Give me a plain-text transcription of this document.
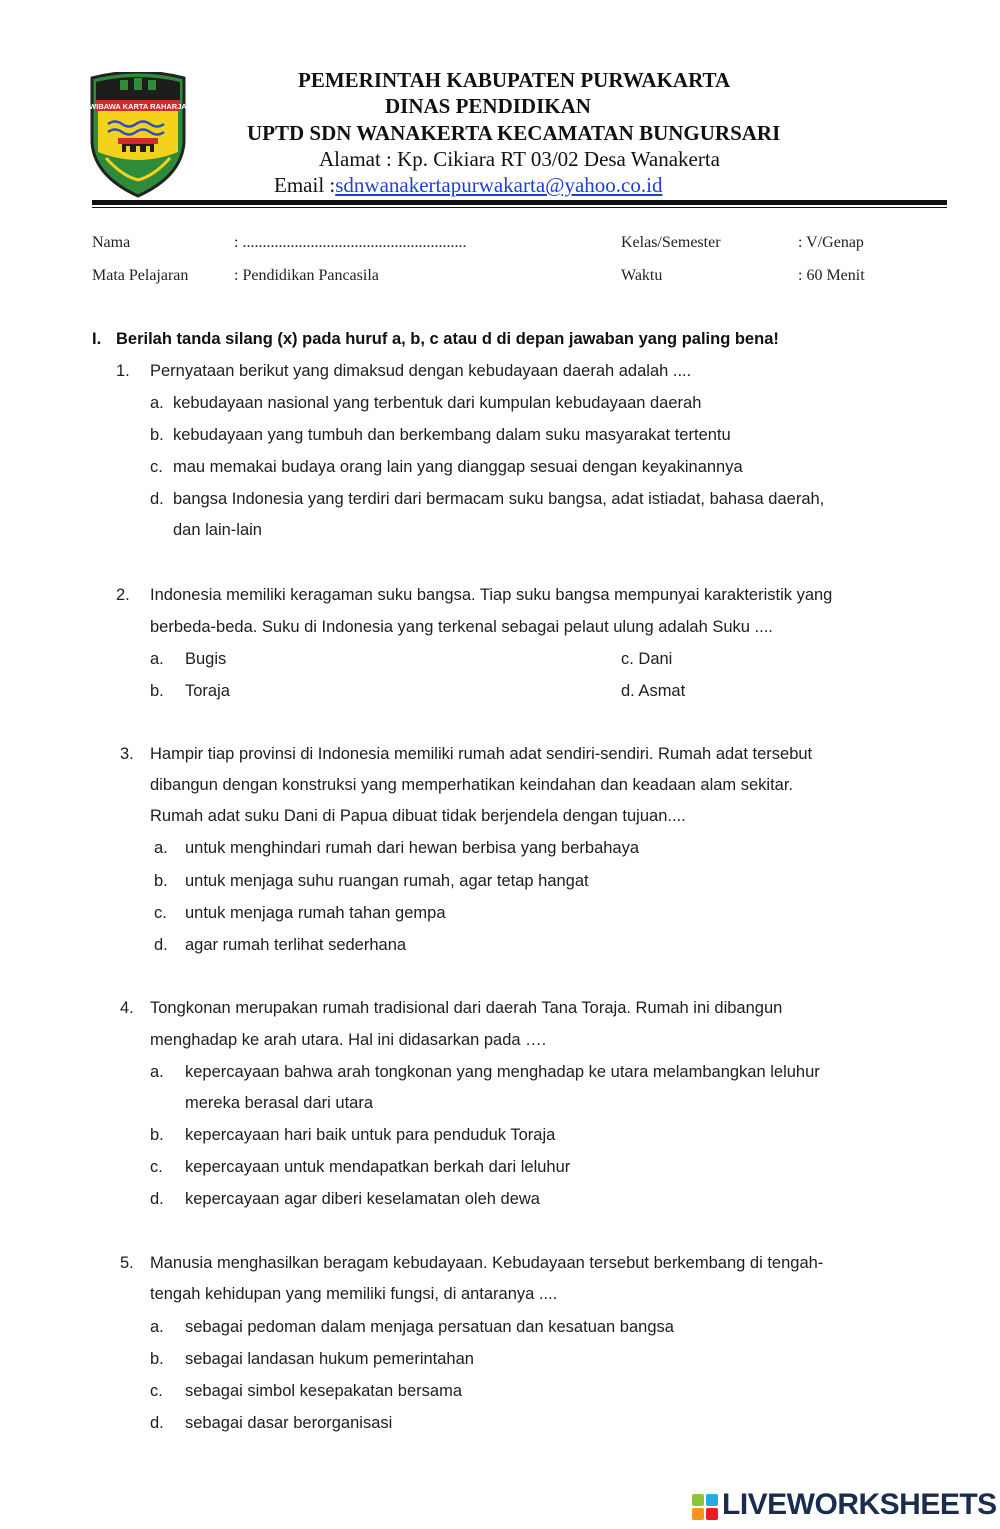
WIBAWA KARTA RAHARJA
PEMERINTAH KABUPATEN PURWAKARTA
DINAS PENDIDIKAN
UPTD SDN WANAKERTA KECAMATAN BUNGURSARI
Alamat : Kp. Cikiara RT 03/02 Desa Wanakerta
Email :sdnwanakertapurwakarta@yahoo.co.id
Nama	: ........................................................	Kelas/Semester	: V/Genap
Mata Pelajaran	: Pendidikan Pancasila	Waktu	: 60 Menit
I. Berilah tanda silang (x) pada huruf a, b, c atau d di depan jawaban yang paling bena!
1. Pernyataan berikut yang dimaksud dengan kebudayaan daerah adalah ....
a. kebudayaan nasional yang terbentuk dari kumpulan kebudayaan daerah
b. kebudayaan yang tumbuh dan berkembang dalam suku masyarakat tertentu
c. mau memakai budaya orang lain yang dianggap sesuai dengan keyakinannya
d. bangsa Indonesia yang terdiri dari bermacam suku bangsa, adat istiadat, bahasa daerah,
dan lain-lain
2. Indonesia memiliki keragaman suku bangsa. Tiap suku bangsa mempunyai karakteristik yang
berbeda-beda. Suku di Indonesia yang terkenal sebagai pelaut ulung adalah Suku ....
a. Bugis	c. Dani
b. Toraja	d. Asmat
3. Hampir tiap provinsi di Indonesia memiliki rumah adat sendiri-sendiri. Rumah adat tersebut
dibangun dengan konstruksi yang memperhatikan keindahan dan keadaan alam sekitar.
Rumah adat suku Dani di Papua dibuat tidak berjendela dengan tujuan....
a. untuk menghindari rumah dari hewan berbisa yang berbahaya
b. untuk menjaga suhu ruangan rumah, agar tetap hangat
c. untuk menjaga rumah tahan gempa
d. agar rumah terlihat sederhana
4. Tongkonan merupakan rumah tradisional dari daerah Tana Toraja. Rumah ini dibangun
menghadap ke arah utara. Hal ini didasarkan pada ….
a. kepercayaan bahwa arah tongkonan yang menghadap ke utara melambangkan leluhur
mereka berasal dari utara
b. kepercayaan hari baik untuk para penduduk Toraja
c. kepercayaan untuk mendapatkan berkah dari leluhur
d. kepercayaan agar diberi keselamatan oleh dewa
5. Manusia menghasilkan beragam kebudayaan. Kebudayaan tersebut berkembang di tengah-
tengah kehidupan yang memiliki fungsi, di antaranya ....
a. sebagai pedoman dalam menjaga persatuan dan kesatuan bangsa
b. sebagai landasan hukum pemerintahan
c. sebagai simbol kesepakatan bersama
d. sebagai dasar berorganisasi
LIVEWORKSHEETS
